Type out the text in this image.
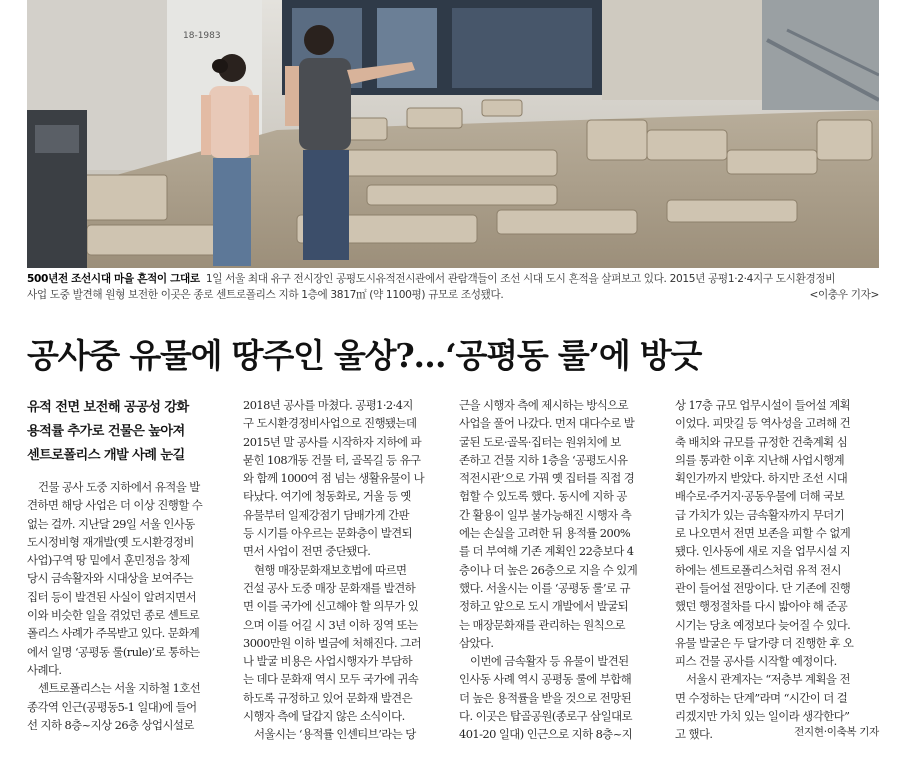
18-1983
500년전 조선시대 마을 흔적이 그대로 1일 서울 최대 유구 전시장인 공평도시유적전시관에서 관람객들이 조선 시대 도시 흔적을 살펴보고 있다. 2015년 공평1·2·4지구 도시환경정비
사업 도중 발견해 원형 보전한 이곳은 종로 센트로폴리스 지하 1층에 3817㎡ (약 1100평) 규모로 조성됐다.	<이충우 기자>
공사중 유물에 땅주인 울상?…‘공평동 룰’에 방긋
유적 전면 보전해 공공성 강화
용적률 추가로 건물은 높아져
센트로폴리스 개발 사례 눈길
건물 공사 도중 지하에서 유적을 발
견하면 해당 사업은 더 이상 진행할 수
없는 걸까. 지난달 29일 서울 인사동
도시정비형 재개발(옛 도시환경정비
사업)구역 땅 밑에서 훈민정음 창제
당시 금속활자와 시대상을 보여주는
집터 등이 발견된 사실이 알려지면서
이와 비슷한 일을 겪었던 종로 센트로
폴리스 사례가 주목받고 있다. 문화계
에서 일명 ‘공평동 룰(rule)’로 통하는
사례다.
센트로폴리스는 서울 지하철 1호선
종각역 인근(공평동5-1 일대)에 들어
선 지하 8층~지상 26층 상업시설로
2018년 공사를 마쳤다. 공평1·2·4지
구 도시환경정비사업으로 진행됐는데
2015년 말 공사를 시작하자 지하에 파
묻힌 108개동 건물 터, 골목길 등 유구
와 함께 1000여 점 넘는 생활유물이 나
타났다. 여기에 청동화로, 거울 등 옛
유물부터 일제강점기 담배가게 간판
등 시기를 아우르는 문화층이 발견되
면서 사업이 전면 중단됐다.
현행 매장문화재보호법에 따르면
건설 공사 도중 매장 문화재를 발견하
면 이를 국가에 신고해야 할 의무가 있
으며 이를 어길 시 3년 이하 징역 또는
3000만원 이하 벌금에 처해진다. 그러
나 발굴 비용은 사업시행자가 부담하
는 데다 문화재 역시 모두 국가에 귀속
하도록 규정하고 있어 문화재 발견은
시행자 측에 달갑지 않은 소식이다.
서울시는 ‘용적률 인센티브’라는 당
근을 시행자 측에 제시하는 방식으로
사업을 풀어 나갔다. 먼저 대다수로 발
굴된 도로·골목·집터는 원위치에 보
존하고 건물 지하 1층을 ‘공평도시유
적전시관’으로 가꿔 옛 집터를 직접 경
험할 수 있도록 했다. 동시에 지하 공
간 활용이 일부 불가능해진 시행자 측
에는 손실을 고려한 뒤 용적률 200%
를 더 부여해 기존 계획인 22층보다 4
층이나 더 높은 26층으로 지을 수 있게
했다. 서울시는 이를 ‘공평동 룰’로 규
정하고 앞으로 도시 개발에서 발굴되
는 매장문화재를 관리하는 원칙으로
삼았다.
이번에 금속활자 등 유물이 발견된
인사동 사례 역시 공평동 룰에 부합해
더 높은 용적률을 받을 것으로 전망된
다. 이곳은 탑골공원(종로구 삼일대로
401-20 일대) 인근으로 지하 8층~지
상 17층 규모 업무시설이 들어설 계획
이었다. 피맛길 등 역사성을 고려해 건
축 배치와 규모를 규정한 건축계획 심
의를 통과한 이후 지난해 사업시행계
획인가까지 받았다. 하지만 조선 시대
배수로·주거지·공동우물에 더해 국보
급 가치가 있는 금속활자까지 무더기
로 나오면서 전면 보존을 피할 수 없게
됐다. 인사동에 새로 지을 업무시설 지
하에는 센트로폴리스처럼 유적 전시
관이 들어설 전망이다. 단 기존에 진행
했던 행정절차를 다시 밟아야 해 준공
시기는 당초 예정보다 늦어질 수 있다.
유물 발굴은 두 달가량 더 진행한 후 오
피스 건물 공사를 시작할 예정이다.
서울시 관계자는 “저층부 계획을 전
면 수정하는 단계”라며 “시간이 더 걸
리겠지만 가치 있는 일이라 생각한다”
고 했다.	전지현·이축복 기자
